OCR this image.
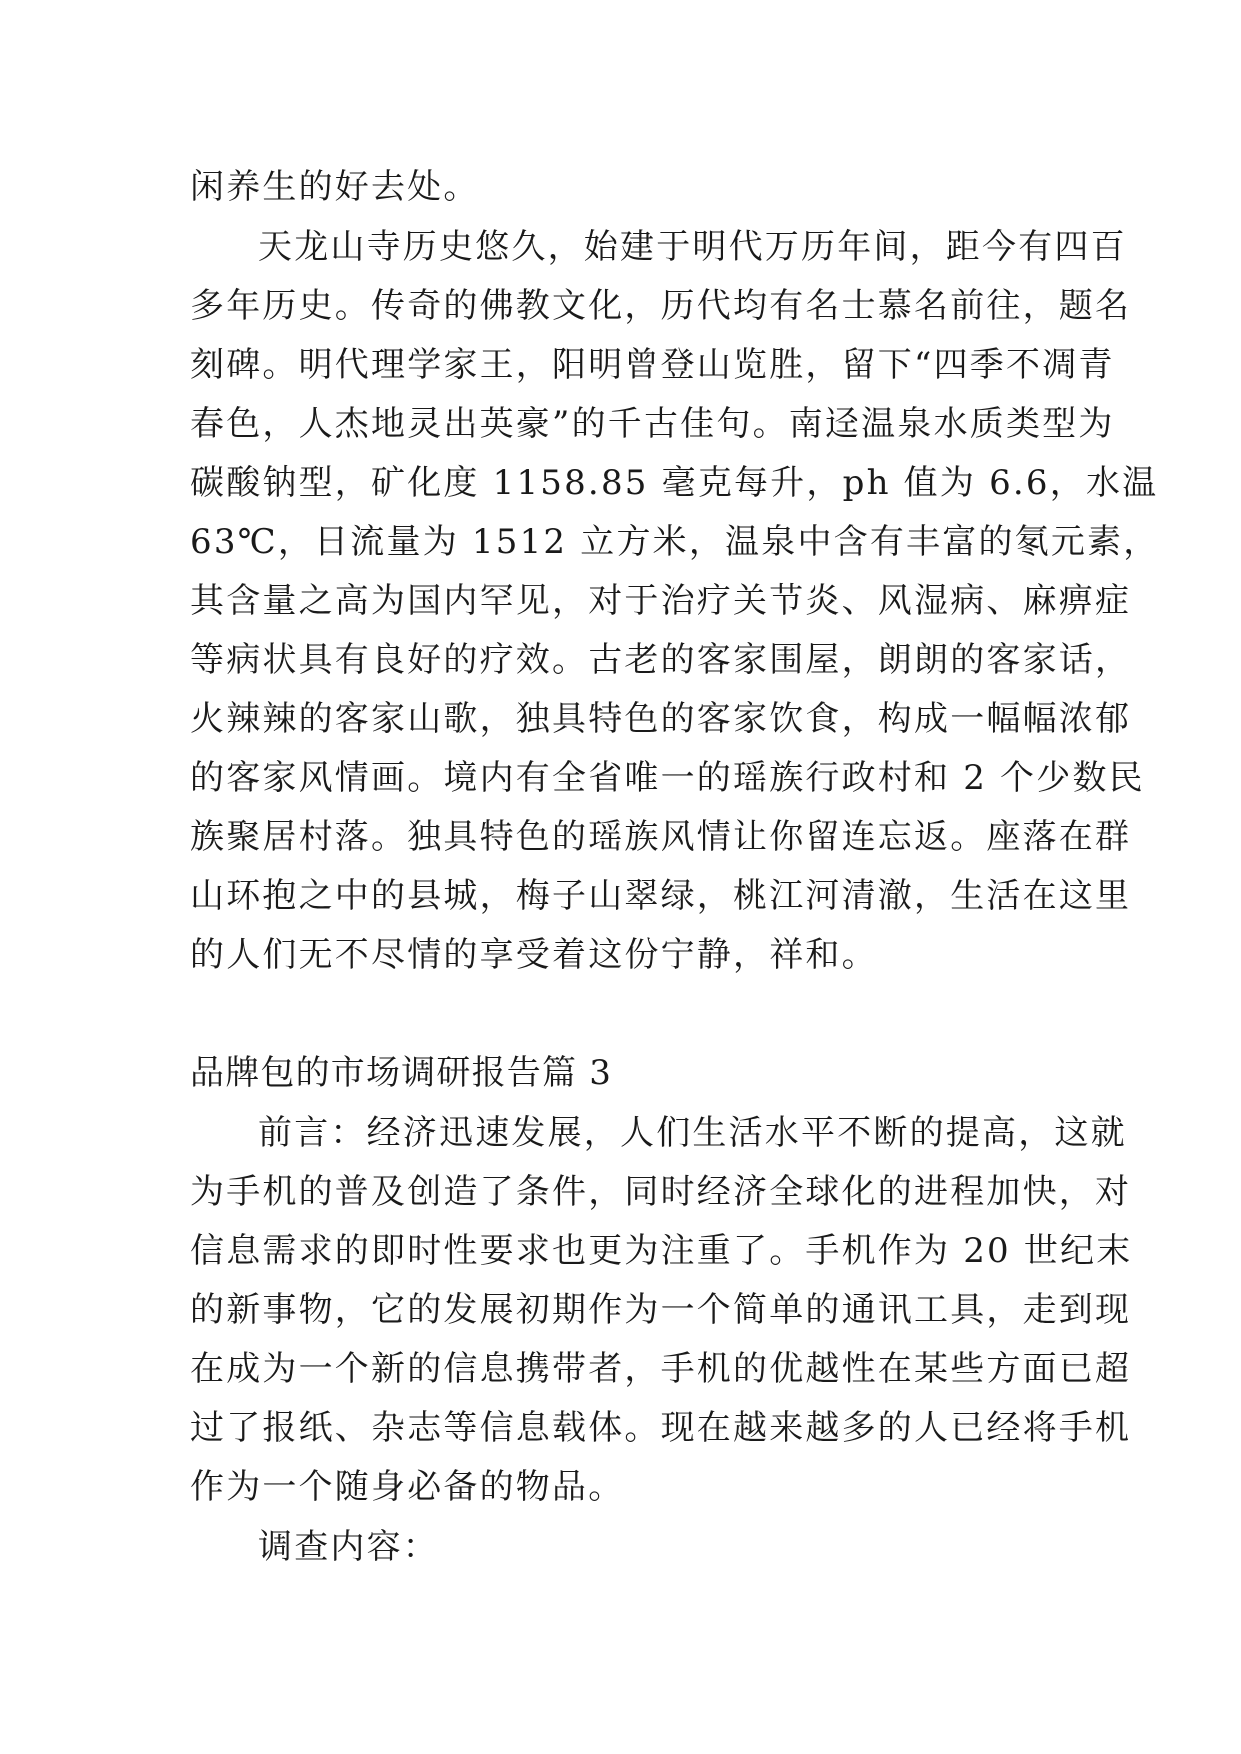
闲养生的好去处。

天龙山寺历史悠久，始建于明代万历年间，距今有四百

多年历史。传奇的佛教文化，历代均有名士慕名前往，题名

刻碑。明代理学家王，阳明曾登山览胜，留下“四季不凋青

春色，人杰地灵出英豪”的千古佳句。南迳温泉水质类型为

碳酸钠型，矿化度 1158.85 毫克每升，ph 值为 6.6，水温

63℃，日流量为 1512 立方米，温泉中含有丰富的氡元素，

其含量之高为国内罕见，对于治疗关节炎、风湿病、麻痹症

等病状具有良好的疗效。古老的客家围屋，朗朗的客家话，

火辣辣的客家山歌，独具特色的客家饮食，构成一幅幅浓郁

的客家风情画。境内有全省唯一的瑶族行政村和 2 个少数民

族聚居村落。独具特色的瑶族风情让你留连忘返。座落在群

山环抱之中的县城，梅子山翠绿，桃江河清澈，生活在这里

的人们无不尽情的享受着这份宁静，祥和。

品牌包的市场调研报告篇 3

前言：经济迅速发展，人们生活水平不断的提高，这就

为手机的普及创造了条件，同时经济全球化的进程加快，对

信息需求的即时性要求也更为注重了。手机作为 20 世纪末

的新事物，它的发展初期作为一个简单的通讯工具，走到现

在成为一个新的信息携带者，手机的优越性在某些方面已超

过了报纸、杂志等信息载体。现在越来越多的人已经将手机

作为一个随身必备的物品。

调查内容：
